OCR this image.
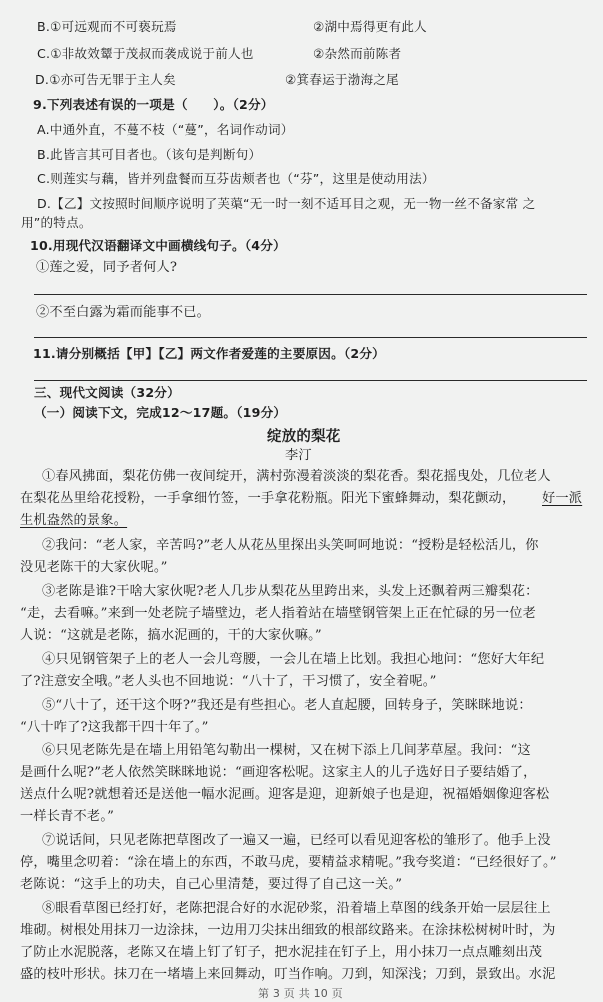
B.①可远观而不可亵玩焉	②湖中焉得更有此人
C.①非故效颦于茂叔而袭成说于前人也	②杂然而前陈者
D.①亦可告无罪于主人矣	②箕春运于渤海之尾
9.下列表述有误的一项是（　　）。（2分）
A.中通外直，不蔓不枝（“蔓”，名词作动词）
B.此皆言其可目者也。（该句是判断句）
C.则莲实与藕，皆并列盘餐而互芬齿颊者也（“芬”，这里是使动用法）
D.【乙】文按照时间顺序说明了芙蕖“无一时一刻不适耳目之观，无一物一丝不备家常 之
用”的特点。
10.用现代汉语翻译文中画横线句子。（4分）
①莲之爱，同予者何人?
②不至白露为霜而能事不已。
11.请分别概括【甲】【乙】两文作者爱莲的主要原因。（2分）
三、现代文阅读（32分）
（一）阅读下文，完成12～17题。（19分）
绽放的梨花
李汀
①春风拂面，梨花仿佛一夜间绽开，满村弥漫着淡淡的梨花香。梨花摇曳处，几位老人
在梨花丛里给花授粉，一手拿细竹签，一手拿花粉瓶。阳光下蜜蜂舞动，梨花颤动， 好一派
生机盎然的景象。
②我问：“老人家，辛苦吗?”老人从花丛里探出头笑呵呵地说：“授粉是轻松活儿，你
没见老陈干的大家伙呢。”
③老陈是谁?干啥大家伙呢?老人几步从梨花丛里跨出来，头发上还飘着两三瓣梨花：
“走，去看嘛。”来到一处老院子墙壁边，老人指着站在墙壁钢管架上正在忙碌的另一位老
人说：“这就是老陈，搞水泥画的，干的大家伙嘛。”
④只见钢管架子上的老人一会儿弯腰，一会儿在墙上比划。我担心地问：“您好大年纪
了?注意安全哦。”老人头也不回地说：“八十了，干习惯了，安全着呢。”
⑤“八十了，还干这个呀?”我还是有些担心。老人直起腰，回转身子，笑眯眯地说：
“八十咋了?这我都干四十年了。”
⑥只见老陈先是在墙上用铅笔勾勒出一棵树，又在树下添上几间茅草屋。我问：“这
是画什么呢?”老人依然笑眯眯地说：“画迎客松呢。这家主人的儿子选好日子要结婚了，
送点什么呢?就想着还是送他一幅水泥画。迎客是迎，迎新娘子也是迎，祝福婚姻像迎客松
一样长青不老。”
⑦说话间，只见老陈把草图改了一遍又一遍，已经可以看见迎客松的雏形了。他手上没
停，嘴里念叨着：“涂在墙上的东西，不敢马虎，要精益求精呢。”我夸奖道：“已经很好了。”
老陈说：“这手上的功夫，自己心里清楚，要过得了自己这一关。”
⑧眼看草图已经打好，老陈把混合好的水泥砂浆，沿着墙上草图的线条开始一层层往上
堆砌。树根处用抹刀一边涂抹，一边用刀尖抹出细致的根部纹路来。在涂抹松树树叶时，为
了防止水泥脱落，老陈又在墙上钉了钉子，把水泥挂在钉子上，用小抹刀一点点雕刻出茂
盛的枝叶形状。抹刀在一堵墙上来回舞动，叮当作响。刀到，知深浅；刀到，景致出。水泥
第 3 页 共 10 页
